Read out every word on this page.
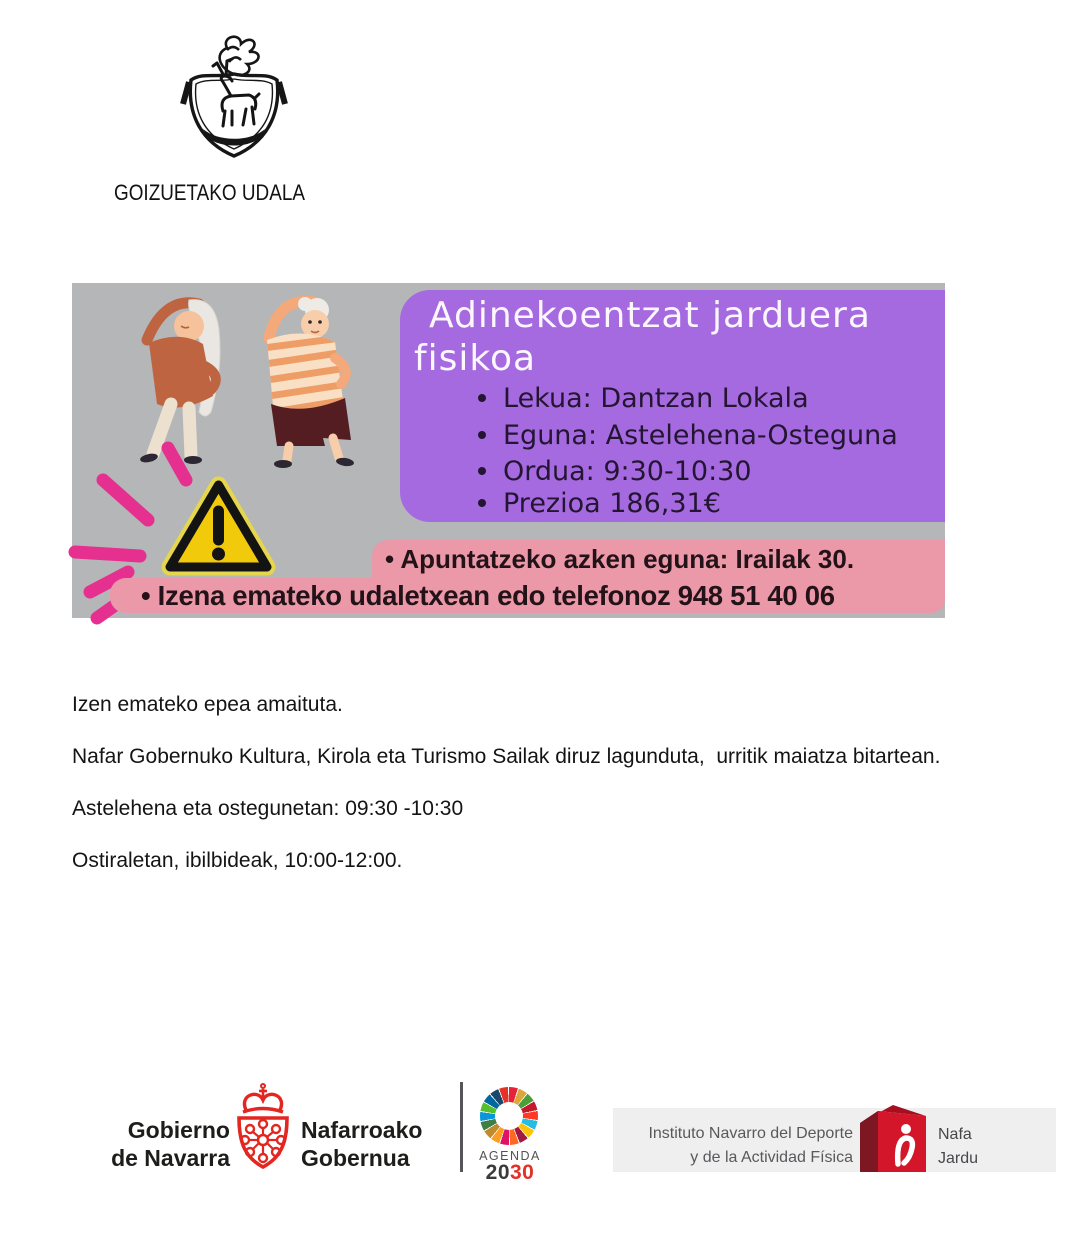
GOIZUETAKO UDALA
Adinekoentzat jarduera
fisikoa
Lekua: Dantzan Lokala
Eguna: Astelehena-Osteguna
Ordua: 9:30-10:30
Prezioa 186,31€
• Apuntatzeko azken eguna: Irailak 30.
• Izena emateko udaletxean edo telefonoz 948 51 40 06

Izen emateko epea amaituta.

Nafar Gobernuko Kultura, Kirola eta Turismo Sailak diruz lagunduta,  urritik maiatza bitartean.

Astelehena eta ostegunetan: 09:30 -10:30

Ostiraletan, ibilbideak, 10:00-12:00.

Gobierno
de Navarra
Nafarroako
Gobernua	AGENDA
2030
Instituto Navarro del Deporte
y de la Actividad Física
Nafa
Jardu
